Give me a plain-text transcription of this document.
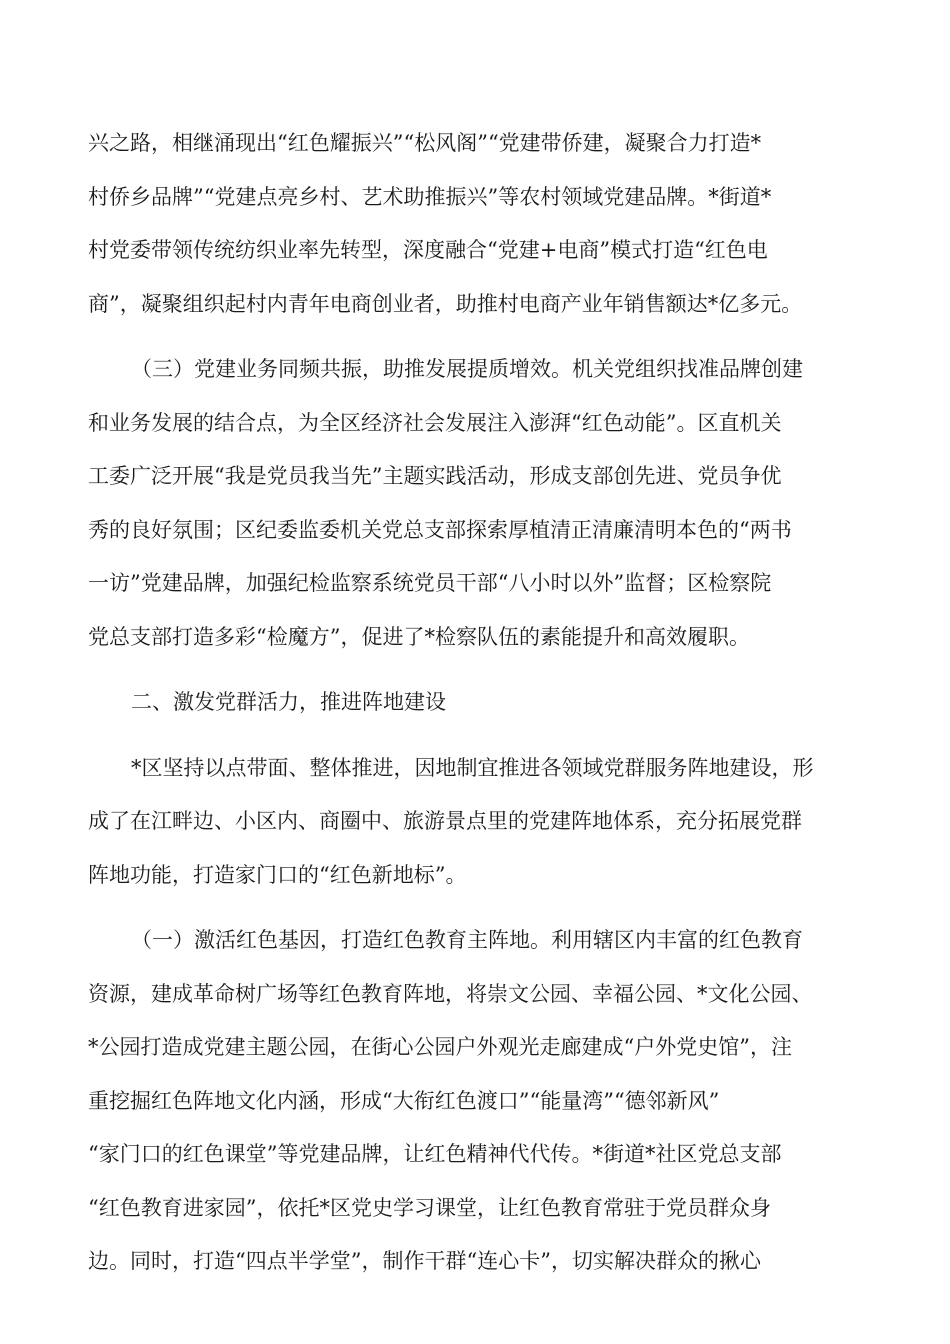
兴之路，相继涌现出“红色耀振兴”“松风阁”“党建带侨建，凝聚合力打造*

村侨乡品牌”“党建点亮乡村、艺术助推振兴”等农村领域党建品牌。*街道*

村党委带领传统纺织业率先转型，深度融合“党建+电商”模式打造“红色电

商”，凝聚组织起村内青年电商创业者，助推村电商产业年销售额达*亿多元。

（三）党建业务同频共振，助推发展提质增效。机关党组织找准品牌创建

和业务发展的结合点，为全区经济社会发展注入澎湃“红色动能”。区直机关

工委广泛开展“我是党员我当先”主题实践活动，形成支部创先进、党员争优

秀的良好氛围；区纪委监委机关党总支部探索厚植清正清廉清明本色的“两书

一访”党建品牌，加强纪检监察系统党员干部“八小时以外”监督；区检察院

党总支部打造多彩“检魔方”，促进了*检察队伍的素能提升和高效履职。

二、激发党群活力，推进阵地建设

*区坚持以点带面、整体推进，因地制宜推进各领域党群服务阵地建设，形

成了在江畔边、小区内、商圈中、旅游景点里的党建阵地体系，充分拓展党群

阵地功能，打造家门口的“红色新地标”。

（一）激活红色基因，打造红色教育主阵地。利用辖区内丰富的红色教育

资源，建成革命树广场等红色教育阵地，将崇文公园、幸福公园、*文化公园、

*公园打造成党建主题公园，在街心公园户外观光走廊建成“户外党史馆”，注

重挖掘红色阵地文化内涵，形成“大衔红色渡口”“能量湾”“德邻新风”

“家门口的红色课堂”等党建品牌，让红色精神代代传。*街道*社区党总支部

“红色教育进家园”，依托*区党史学习课堂，让红色教育常驻于党员群众身

边。同时，打造“四点半学堂”，制作干群“连心卡”，切实解决群众的揪心
